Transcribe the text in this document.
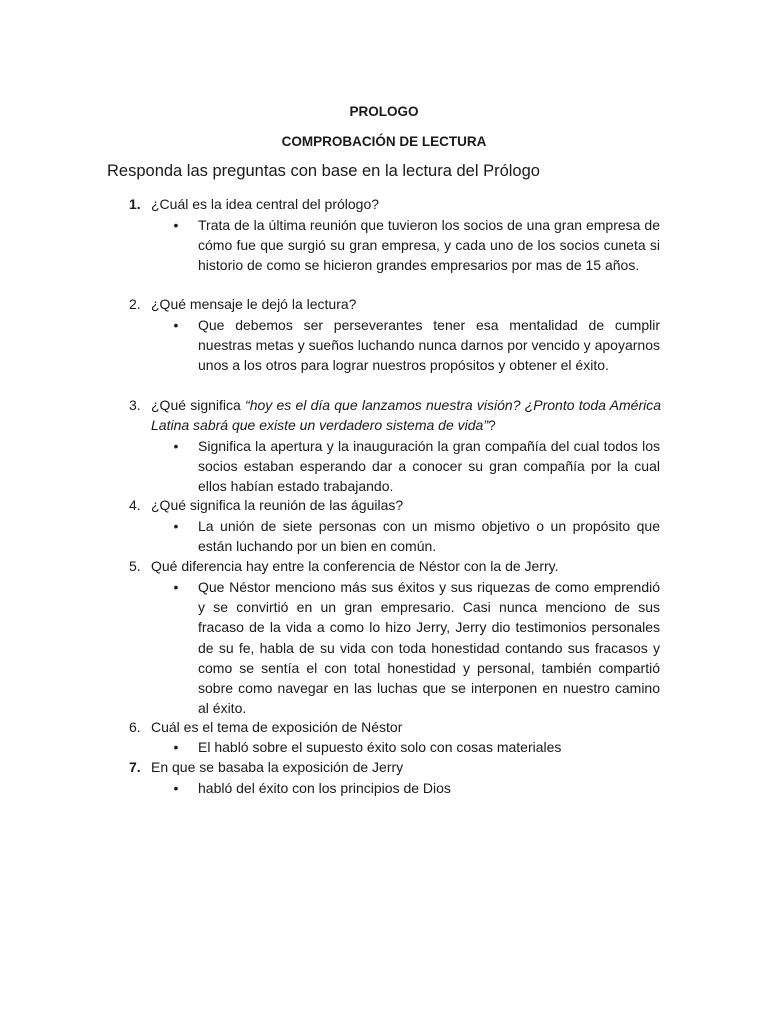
PROLOGO
COMPROBACIÓN DE LECTURA
Responda las preguntas con base en la lectura del Prólogo
1. ¿Cuál es la idea central del prólogo?
• Trata de la última reunión que tuvieron los socios de una gran empresa de cómo fue que surgió su gran empresa, y cada uno de los socios cuneta si historio de como se hicieron grandes empresarios por mas de 15 años.
2. ¿Qué mensaje le dejó la lectura?
• Que debemos ser perseverantes tener esa mentalidad de cumplir nuestras metas y sueños luchando nunca darnos por vencido y apoyarnos unos a los otros para lograr nuestros propósitos y obtener el éxito.
3. ¿Qué significa “hoy es el día que lanzamos nuestra visión? ¿Pronto toda América Latina sabrá que existe un verdadero sistema de vida”?
• Significa la apertura y la inauguración la gran compañía del cual todos los socios estaban esperando dar a conocer su gran compañía por la cual ellos habían estado trabajando.
4. ¿Qué significa la reunión de las águilas?
• La unión de siete personas con un mismo objetivo o un propósito que están luchando por un bien en común.
5. Qué diferencia hay entre la conferencia de Néstor con la de Jerry.
• Que Néstor menciono más sus éxitos y sus riquezas de como emprendió y se convirtió en un gran empresario. Casi nunca menciono de sus fracaso de la vida a como lo hizo Jerry, Jerry dio testimonios personales de su fe, habla de su vida con toda honestidad contando sus fracasos y como se sentía el con total honestidad y personal, también compartió sobre como navegar en las luchas que se interponen en nuestro camino al éxito.
6. Cuál es el tema de exposición de Néstor
• El habló sobre el supuesto éxito solo con cosas materiales
7. En que se basaba la exposición de Jerry
• habló del éxito con los principios de Dios
